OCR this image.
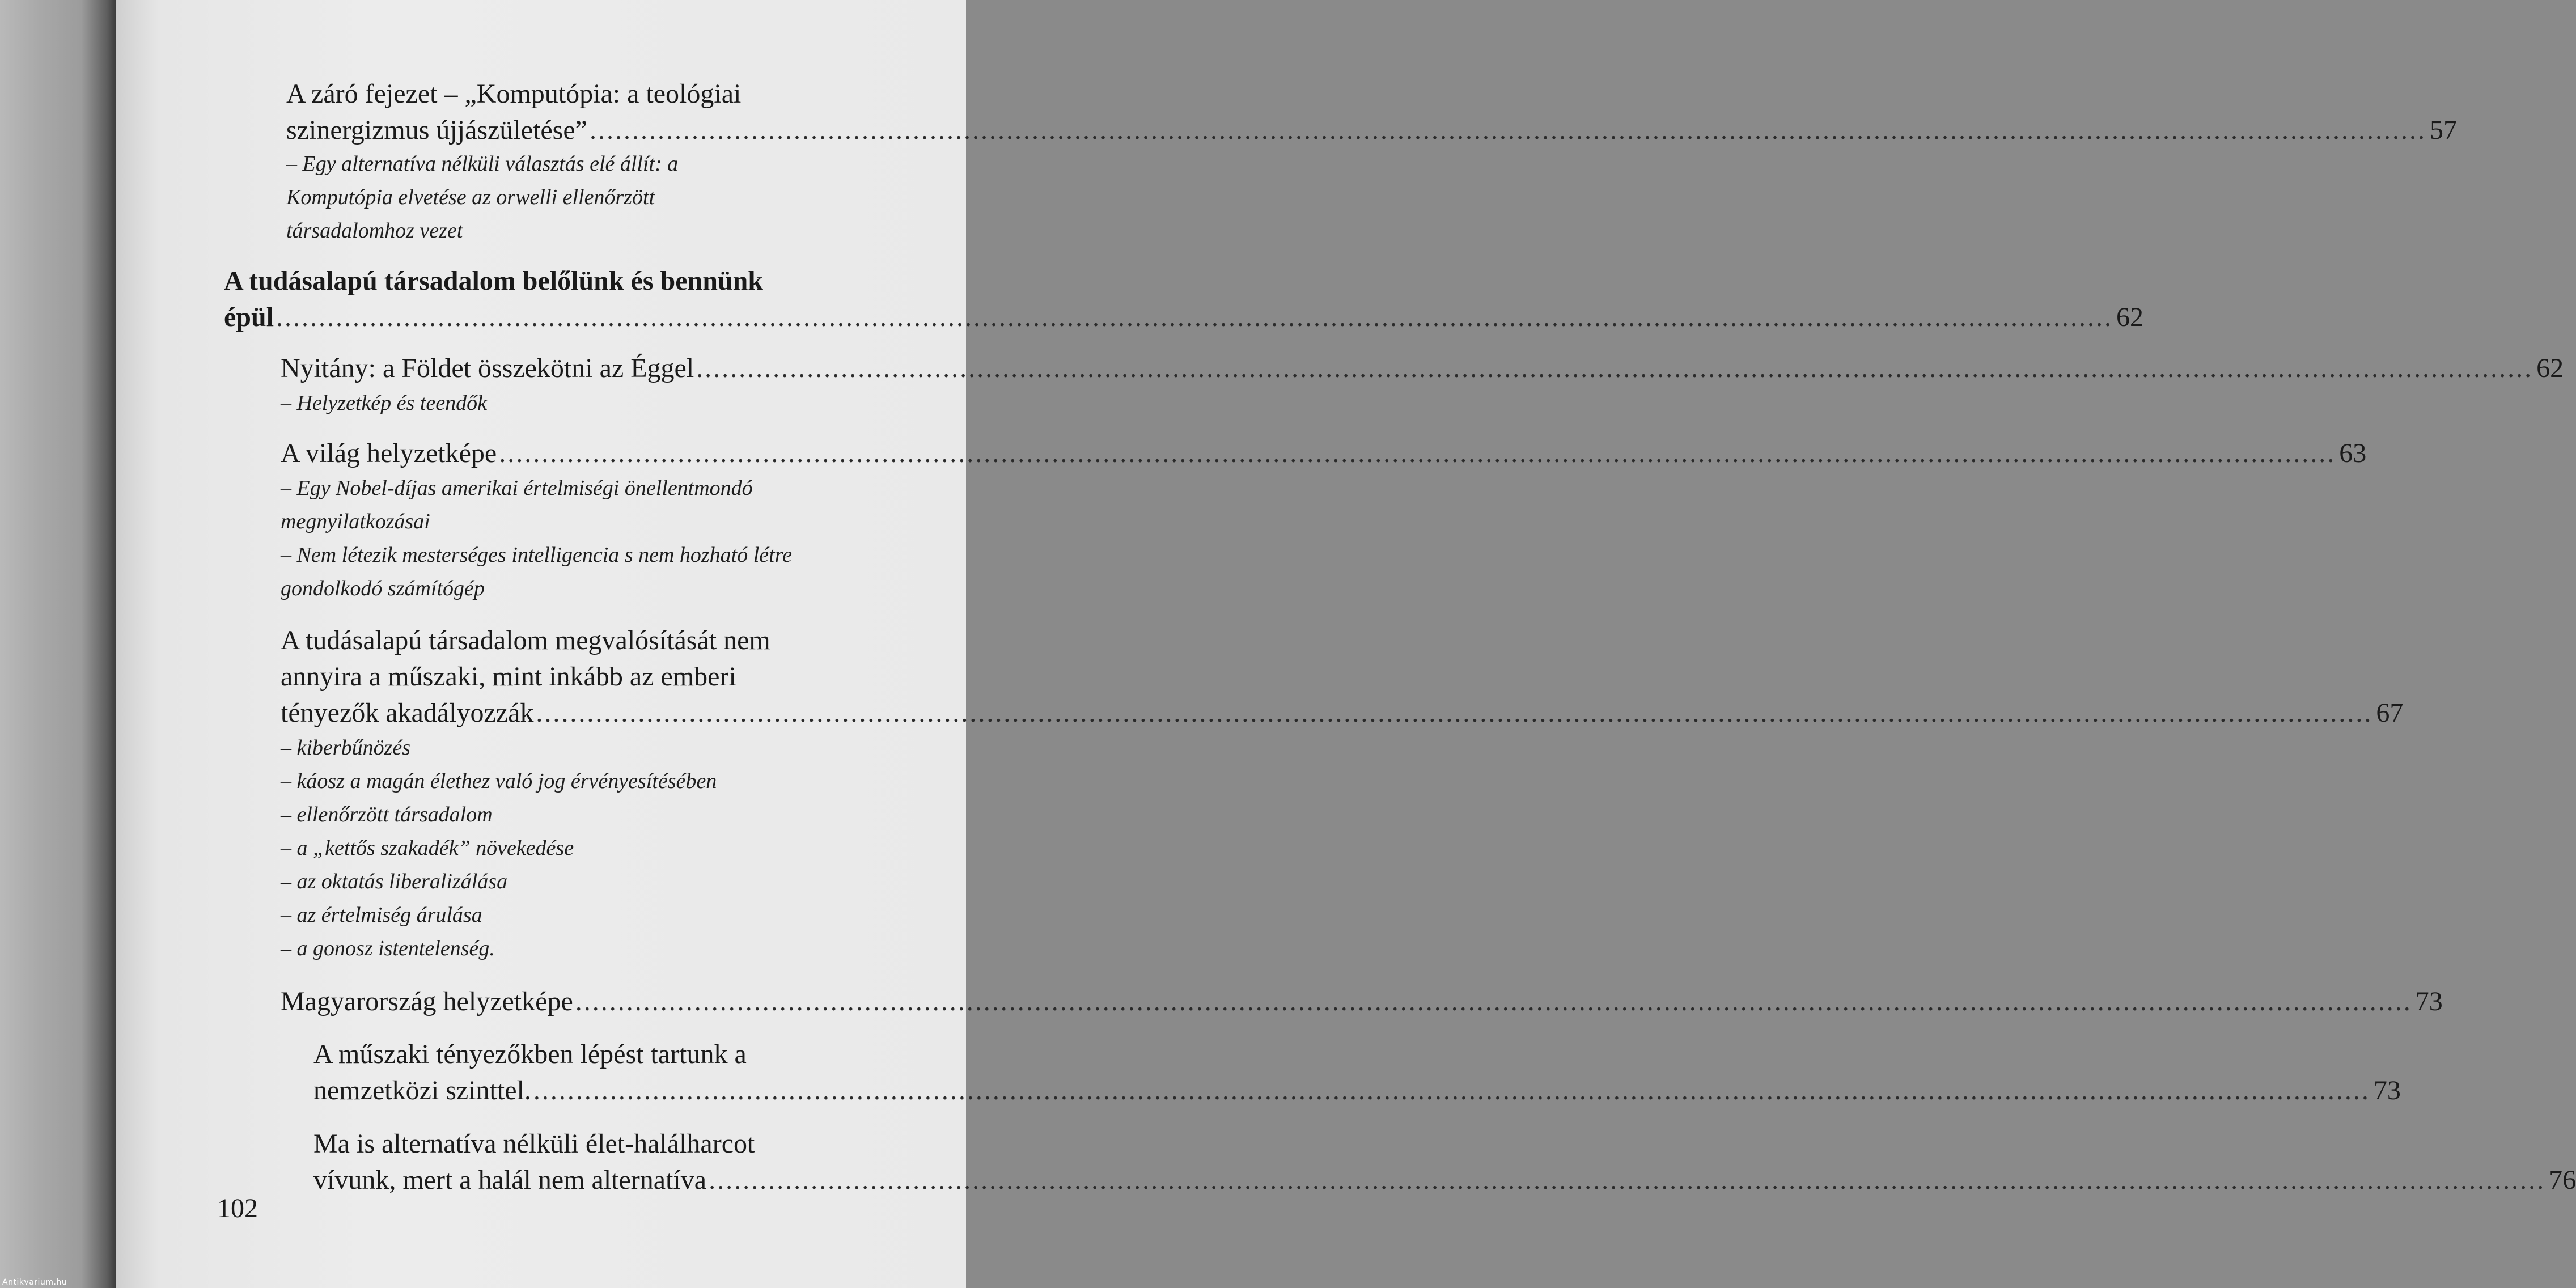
A záró fejezet – „Komputópia: a teológiai
szinergizmus újjászületése” .....	57
– Egy alternatíva nélküli választás elé állít: a
Komputópia elvetése az orwelli ellenőrzött
társadalomhoz vezet
A tudásalapú társadalom belőlünk és bennünk
épül .....	62
Nyitány: a Földet összekötni az Éggel .....	62
– Helyzetkép és teendők
A világ helyzetképe .....	63
– Egy Nobel-díjas amerikai értelmiségi önellentmondó
megnyilatkozásai
– Nem létezik mesterséges intelligencia s nem hozható létre
gondolkodó számítógép
A tudásalapú társadalom megvalósítását nem
annyira a műszaki, mint inkább az emberi
tényezők akadályozzák .....	67
– kiberbűnözés
– káosz a magán élethez való jog érvényesítésében
– ellenőrzött társadalom
– a „kettős szakadék” növekedése
– az oktatás liberalizálása
– az értelmiség árulása
– a gonosz istentelenség.
Magyarország helyzetképe .....	73
A műszaki tényezőkben lépést tartunk a
nemzetközi szinttel. .....	73
Ma is alternatíva nélküli élet-halálharcot
vívunk, mert a halál nem alternatíva .....	76
102
Antikvarium.hu
